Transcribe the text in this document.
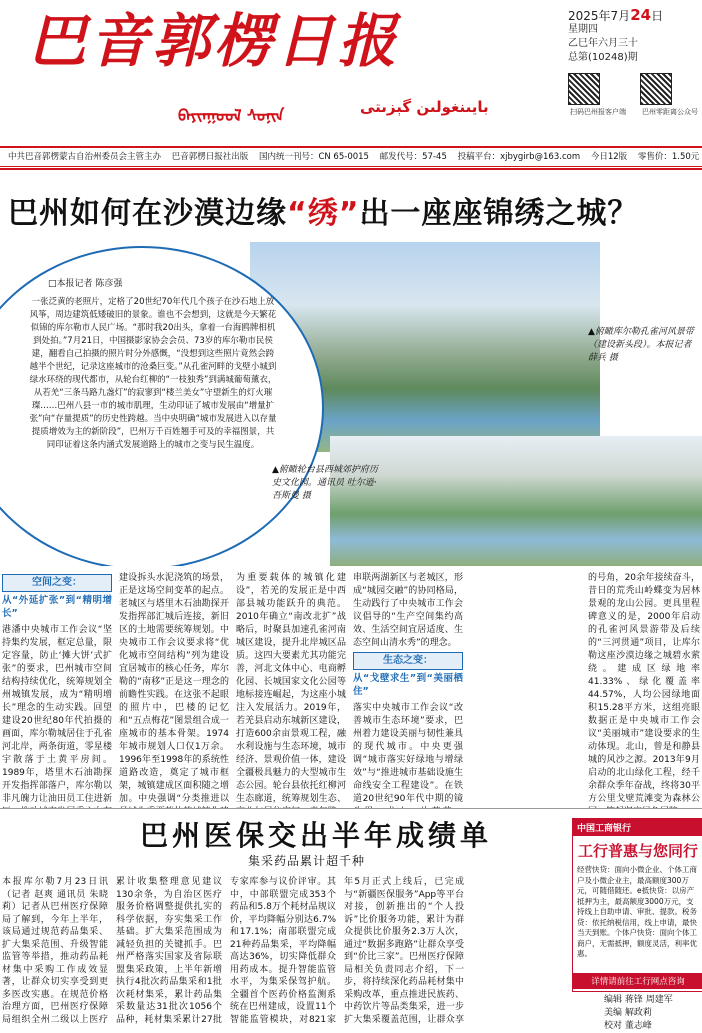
巴音郭楞日报
ᠪᠠᠶᠢᠨᠭᠣᠣᠯ ᠰᠣᠨᠢᠨ	بايىنغولىن گېزىتى
2025年7月24日
星期四
乙巳年六月三十
总第(10248)期
扫码巴州报客户端 巴州零距离公众号
中共巴音郭楞蒙古自治州委员会主管主办 巴音郭楞日报社出版 国内统一刊号：CN 65-0015 邮发代号：57-45 投稿平台：xjbygirb@163.com 今日12版 零售价：1.50元
巴州如何在沙漠边缘“绣”出一座座锦绣之城？
□本报记者 陈彦强
一张泛黄的老照片，定格了20世纪70年代几个孩子在沙石地上放风筝，周边建筑低矮破旧的景象。谁也不会想到，这就是今天繁花似锦的库尔勒市人民广场。“那时我20出头，拿着一台海鸥牌相机到处拍。”7月21日，中国摄影家协会会员、73岁的库尔勒市民侯建，翻看自己拍摄的照片时分外感慨，“没想到这些照片竟然会跨越半个世纪，记录这座城市的沧桑巨变。”从孔雀河畔的戈壁小城到绿水环绕的现代都市，从轮台红柳的“一枝独秀”到满城葡萄薰衣，从若羌“三条马路九盏灯”的寂寥到“楼兰美女”守望新生的灯火璀璨……巴州八县一市的城市肌理，生动印证了城市发展由“增量扩张”向“存量提质”的历史性跨越。当中央明确“城市发展进入以存量提质增效为主的新阶段”，巴州万千百姓翘手可及的幸福图景，共同印证着这条内涵式发展道路上的城市之变与民生温度。
▲俯瞰库尔勒孔雀河风景带（建设新头段）。本报记者 薛兵 摄
▲俯瞰轮台县西城郊护府历史文化园。通讯员 吐尔逊·吾斯曼 摄
空间之变：
从“外延扩张”到“精明增长”
港潘中央城市工作会议“坚持集约发展，框定总量，限定容量，防止‘摊大饼’式扩张”的要求，巴州城市空间结构持续优化，统筹规划全州城镇发展，成为“精明增长”理念的生动实践。回望建设20世纪80年代拍摄的画面，库尔勒城居住于孔雀河北岸，两条街道，零星楼宇散落于土黄平房间。1989年，塔里木石油勘探开发指挥部落户，库尔勒以非凡魄力让油田员工住进新
建设拆头水泥浇筑的场景，正是这场空间变革的起点。老城区与塔里木石油勘探开发指挥部汇城后连接，新旧区的土地需要统筹规划。中央城市工作会议要求将“优化城市空间结构”列为建设宜居城市的核心任务，库尔勒的“南移”正是这一理念的前瞻性实践。在这张不起眼的照片中，巴楼的记忆和“五点梅花”图景组合成一座城市的基本骨架。1974年城市规划人口仅1万余。1996年至1998年的系统性道路改造，奠定了城市框架，城镇建成区面积随之增加。中央强调“分类推进以
为重要载体的城镇化建设”，若羌的发展正是中西部县城功能跃升的典范。2010年确立“南改北扩”战略后，时聚县加速孔雀河南城区建设，提升北岸城区品质。这四大要素尤其功能完善，河北文体中心、电商孵化园、长城国家文化公园等地标接连崛起，为这座小城注入发展活力。2019年，若羌县启动东城新区建设，打造600余亩景观工程，融水利设施与生态环境，城市经济、景观价值一体，建设全疆极具魅力的大型城市生态公园。轮台县依托红柳河生态廊道，统筹规划生态、
串联两湖新区与老城区，形成“城园交融”的协同格局，生动践行了中央城市工作会议倡导的“生产空间集约高效、生活空间宜居适度、生态空间山清水秀”的理念。
生态之变：
从“戈壁求生”到“美丽栖住”
落实中央城市工作会议“改善城市生态环境”要求，巴州着力建设美丽与韧性兼具的现代城市。中央更强调“城市落实好绿地与增绿效”与“推进城市基础设施生命线安全工程建设”。在铁道20世纪90年代中期的镜
的号角，20余年接续奋斗，昔日的荒秃山岭蝶变为居林景观的龙山公园。更具里程碑意义的是，2000年启动的孔雀河风景游带及后续的“三河贯通”项目，让库尔勒这座沙漠边缘之城碧水萦绕。建成区绿地率41.33%、绿化覆盖率44.57%，人均公园绿地面积15.28平方米，这组亮眼数据正是中央城市工作会议“美丽城市”建设要求的生动体现。北山，曾是和静县城的风沙之源。2013年9月启动的北山绿化工程，经千余群众季年奋战，终将30平方公里戈壁荒滩变为森林公
巴州医保交出半年成绩单
集采药品累计超千种
本报库尔勒7月23日讯（记者 赵爽 通讯员 朱晓莉）记者从巴州医疗保障局了解到，今年上半年，该局通过规范药品集采、扩大集采范围、升级智能监管等举措，推动药品耗材集中采购工作成效显著，让群众切实享受到更多医改实惠。在规范价格治理方面，巴州医疗保障局组织全州二级以上医疗
累计收集整理意见建议130余条，为自治区医疗服务价格调整提供扎实的科学依据，夯实集采工作基础。扩大集采范围成为减轻负担的关键抓手。巴州严格落实国家及省际联盟集采政策，上半年新增执行4批次药品集采和1批次耗材集采，累计药品集采数量达31批次1056个品种，耗材集采累计27批
专家库参与议价评审。其中，中部联盟完成353个药品和5.8万个耗材品规议价，平均降幅分别达6.7%和17.1%；南部联盟完成21种药品集采，平均降幅高达36%，切实降低群众用药成本。提升智能监管水平，为集采保驾护航。全疆首个医药价格监测系统在巴州建成，设置11个智能监管模块，对821家
年5月正式上线后，已完成与“新疆医保服务”App等平台对接，创新推出的“个人投诉”比价服务功能，累计为群众提供比价服务2.3万人次，通过“数据多跑路”让群众享受到“价比三家”。巴州医疗保障局相关负责同志介绍，下一步，将持续深化药品耗材集中采购改革，重点推进民族药、中药饮片等品类集采，进一步扩大集采覆盖范围，让群众享
中国工商银行
工行普惠与您同行
经营快贷：面向小微企业、个体工商户及小微企业主，最高额度300万元，可随借随还。e抵快贷：以房产抵押为主，最高额度3000万元，支持线上自助申请、审批、提款。税务贷：依托纳税信用，线上申请，最快当天到账。个体户快贷：面向个体工商户，无需抵押，额度灵活，利率优惠。
详情请前往工行网点咨询
编辑 蒋锋 周建军
美编 解政莉
校对 董志峰
